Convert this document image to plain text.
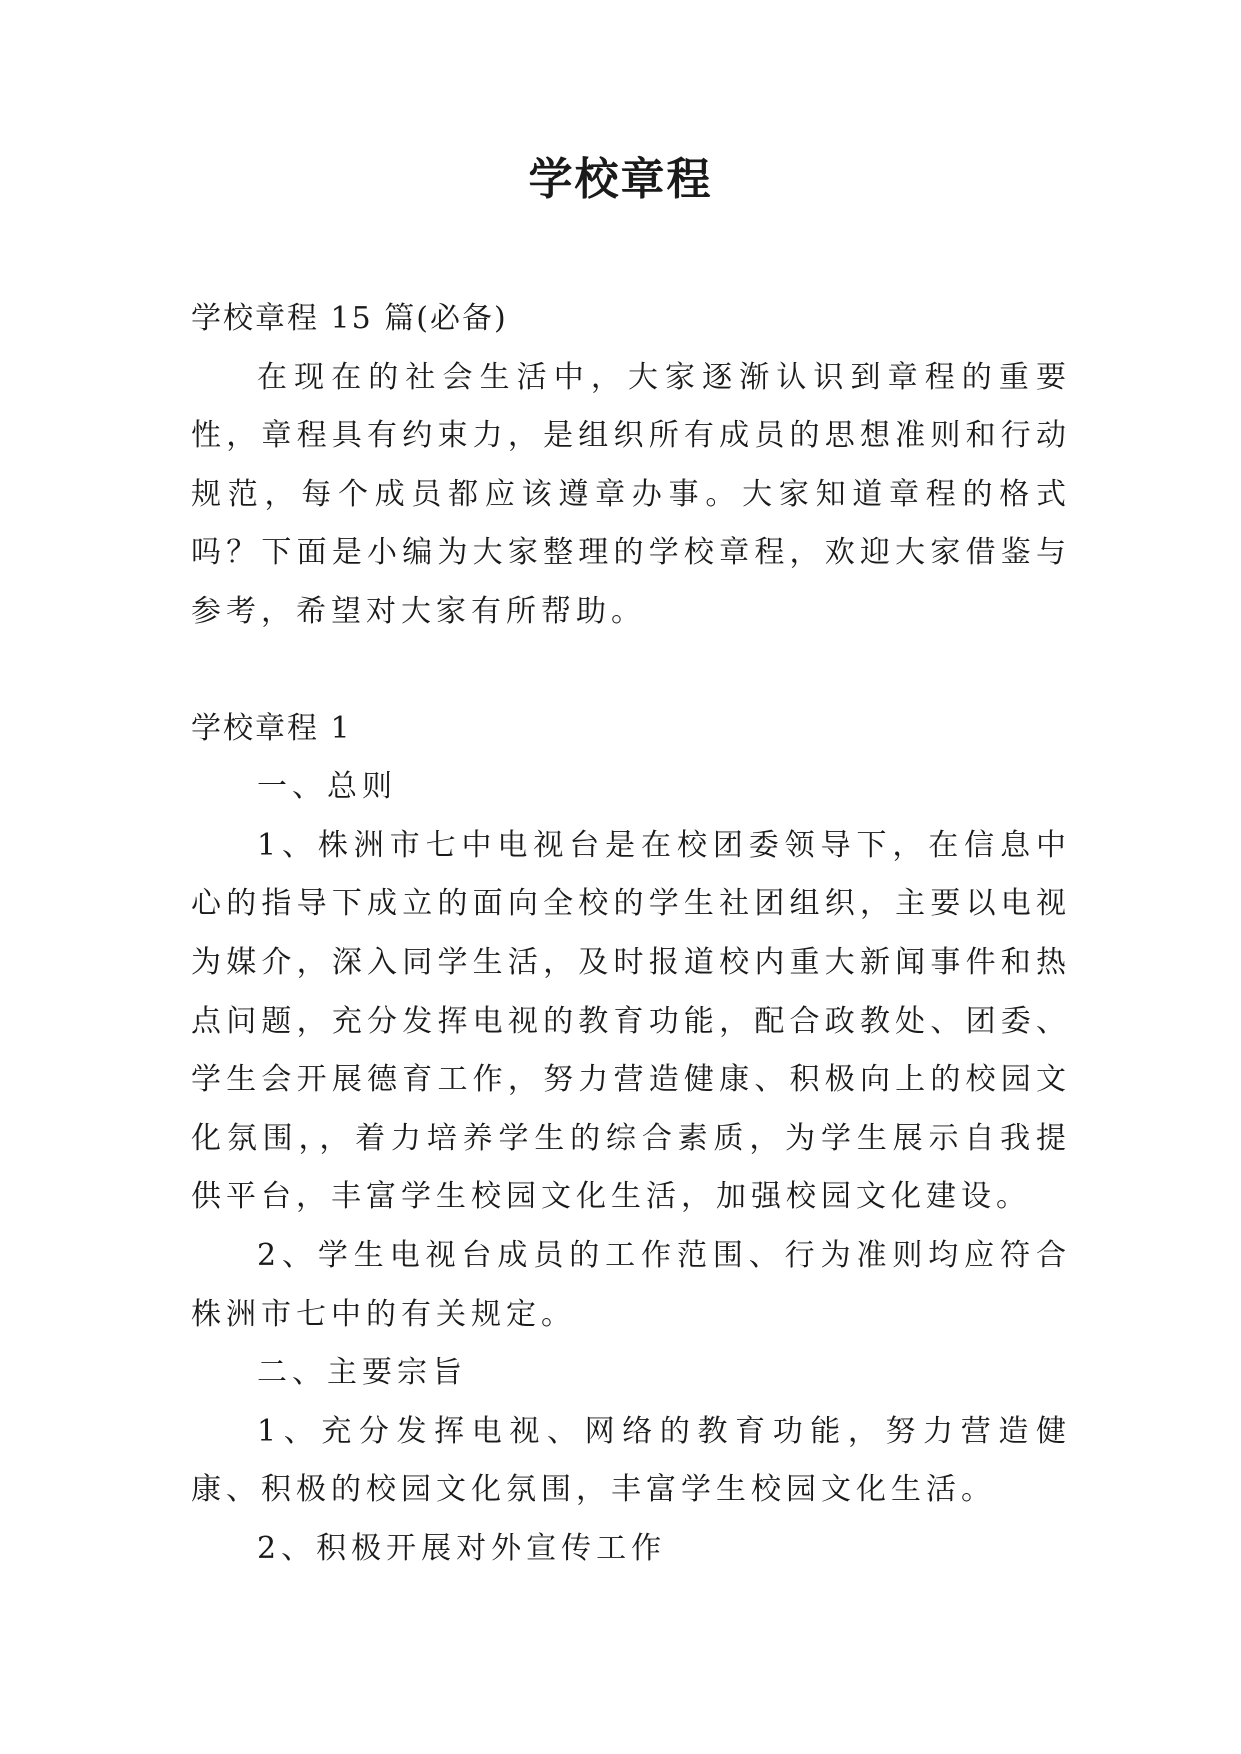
学校章程

学校章程 15 篇(必备)

在现在的社会生活中，大家逐渐认识到章程的重要性，章程具有约束力，是组织所有成员的思想准则和行动规范，每个成员都应该遵章办事。大家知道章程的格式吗？下面是小编为大家整理的学校章程，欢迎大家借鉴与参考，希望对大家有所帮助。

学校章程 1

一、总则

1、株洲市七中电视台是在校团委领导下，在信息中心的指导下成立的面向全校的学生社团组织，主要以电视为媒介，深入同学生活，及时报道校内重大新闻事件和热点问题，充分发挥电视的教育功能，配合政教处、团委、学生会开展德育工作，努力营造健康、积极向上的校园文化氛围，，着力培养学生的综合素质，为学生展示自我提供平台，丰富学生校园文化生活，加强校园文化建设。

2、学生电视台成员的工作范围、行为准则均应符合株洲市七中的有关规定。

二、主要宗旨

1、充分发挥电视、网络的教育功能，努力营造健康、积极的校园文化氛围，丰富学生校园文化生活。

2、积极开展对外宣传工作
